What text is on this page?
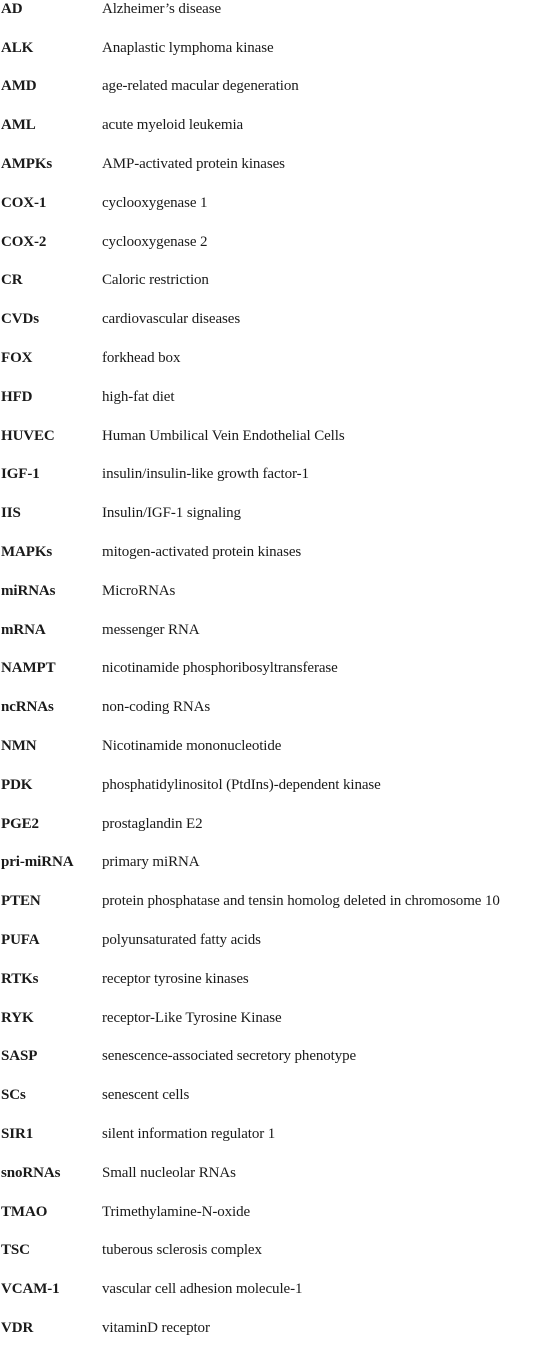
AD	Alzheimer’s disease
ALK	Anaplastic lymphoma kinase
AMD	age-related macular degeneration
AML	acute myeloid leukemia
AMPKs	AMP-activated protein kinases
COX-1	cyclooxygenase 1
COX-2	cyclooxygenase 2
CR	Caloric restriction
CVDs	cardiovascular diseases
FOX	forkhead box
HFD	high-fat diet
HUVEC	Human Umbilical Vein Endothelial Cells
IGF-1	insulin/insulin-like growth factor-1
IIS	Insulin/IGF-1 signaling
MAPKs	mitogen-activated protein kinases
miRNAs	MicroRNAs
mRNA	messenger RNA
NAMPT	nicotinamide phosphoribosyltransferase
ncRNAs	non-coding RNAs
NMN	Nicotinamide mononucleotide
PDK	phosphatidylinositol (PtdIns)-dependent kinase
PGE2	prostaglandin E2
pri-miRNA	primary miRNA
PTEN	protein phosphatase and tensin homolog deleted in chromosome 10
PUFA	polyunsaturated fatty acids
RTKs	receptor tyrosine kinases
RYK	receptor-Like Tyrosine Kinase
SASP	senescence-associated secretory phenotype
SCs	senescent cells
SIR1	silent information regulator 1
snoRNAs	Small nucleolar RNAs
TMAO	Trimethylamine-N-oxide
TSC	tuberous sclerosis complex
VCAM-1	vascular cell adhesion molecule-1
VDR	vitaminD receptor
